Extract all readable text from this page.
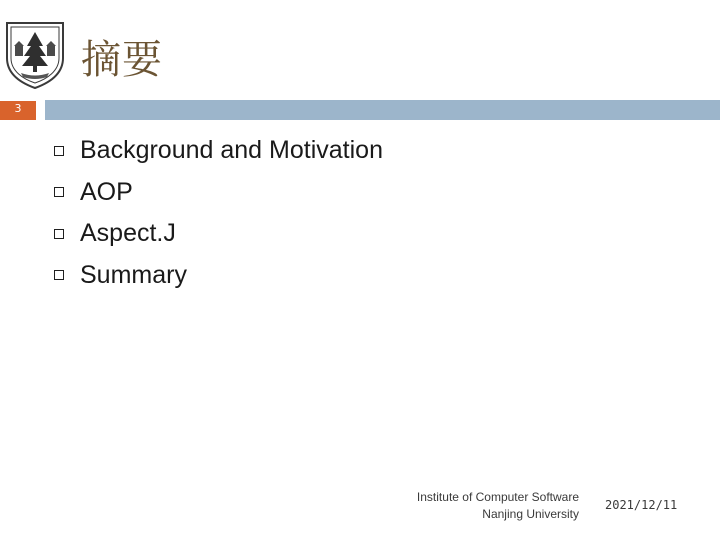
摘要
3
Background and Motivation
AOP
Aspect.J
Summary
Institute of Computer Software
Nanjing University
2021/12/11
